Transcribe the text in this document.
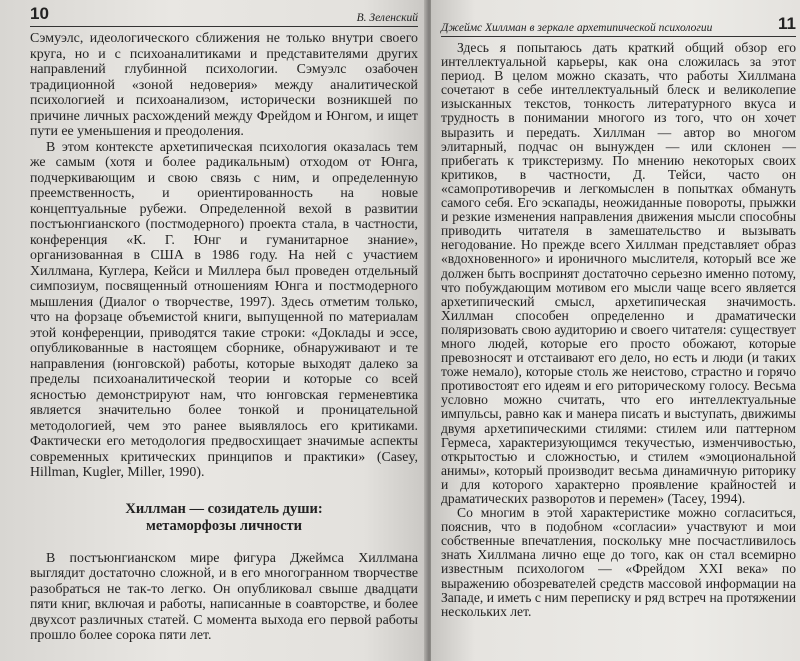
10	В. Зеленский

Сэмуэлс, идеологического сближения не только внутри своего круга, но и с психоаналитиками и представителями других направлений глубинной психологии. Сэмуэлс озабочен традиционной «зоной недоверия» между аналитической психологией и психоанализом, исторически возникшей по причине личных расхождений между Фрейдом и Юнгом, и ищет пути ее уменьшения и преодоления.

В этом контексте архетипическая психология оказалась тем же самым (хотя и более радикальным) отходом от Юнга, подчеркивающим и свою связь с ним, и определенную преемственность, и ориентированность на новые концептуальные рубежи. Определенной вехой в развитии постъюнгианского (постмодерного) проекта стала, в частности, конференция «К. Г. Юнг и гуманитарное знание», организованная в США в 1986 году. На ней с участием Хиллмана, Куглера, Кейси и Миллера был проведен отдельный симпозиум, посвященный отношениям Юнга и постмодерного мышления (Диалог о творчестве, 1997). Здесь отметим только, что на форзаце объемистой книги, выпущенной по материалам этой конференции, приводятся такие строки: «Доклады и эссе, опубликованные в настоящем сборнике, обнаруживают и те направления (юнговской) работы, которые выходят далеко за пределы психоаналитической теории и которые со всей ясностью демонстрируют нам, что юнговская герменевтика является значительно более тонкой и проницательной методологией, чем это ранее выявлялось его критиками. Фактически его методология предвосхищает значимые аспекты современных критических принципов и практики» (Casey, Hillman, Kugler, Miller, 1990).

Хиллман — созидатель души:
метаморфозы личности

В постъюнгианском мире фигура Джеймса Хиллмана выглядит достаточно сложной, и в его многогранном творчестве разобраться не так-то легко. Он опубликовал свыше двадцати пяти книг, включая и работы, написанные в соавторстве, и более двухсот различных статей. С момента выхода его первой работы прошло более сорока пяти лет.

Джеймс Хиллман в зеркале архетипической психологии	11

Здесь я попытаюсь дать краткий общий обзор его интеллектуальной карьеры, как она сложилась за этот период. В целом можно сказать, что работы Хиллмана сочетают в себе интеллектуальный блеск и великолепие изысканных текстов, тонкость литературного вкуса и трудность в понимании многого из того, что он хочет выразить и передать. Хиллман — автор во многом элитарный, подчас он вынужден — или склонен — прибегать к трикстеризму. По мнению некоторых своих критиков, в частности, Д. Тейси, часто он «самопротиворечив и легкомыслен в попытках обмануть самого себя. Его эскапады, неожиданные повороты, прыжки и резкие изменения направления движения мысли способны приводить читателя в замешательство и вызывать негодование. Но прежде всего Хиллман представляет образ «вдохновенного» и ироничного мыслителя, который все же должен быть воспринят достаточно серьезно именно потому, что побуждающим мотивом его мысли чаще всего является архетипический смысл, архетипическая значимость. Хиллман способен определенно и драматически поляризовать свою аудиторию и своего читателя: существует много людей, которые его просто обожают, которые превозносят и отстаивают его дело, но есть и люди (и таких тоже немало), которые столь же неистово, страстно и горячо противостоят его идеям и его риторическому голосу. Весьма условно можно считать, что его интеллектуальные импульсы, равно как и манера писать и выступать, движимы двумя архетипическими стилями: стилем или паттерном Гермеса, характеризующимся текучестью, изменчивостью, открытостью и сложностью, и стилем «эмоциональной анимы», который производит весьма динамичную риторику и для которого характерно проявление крайностей и драматических разворотов и перемен» (Tacey, 1994).

Со многим в этой характеристике можно согласиться, пояснив, что в подобном «согласии» участвуют и мои собственные впечатления, поскольку мне посчастливилось знать Хиллмана лично еще до того, как он стал всемирно известным психологом — «Фрейдом XXI века» по выражению обозревателей средств массовой информации на Западе, и иметь с ним переписку и ряд встреч на протяжении нескольких лет.
